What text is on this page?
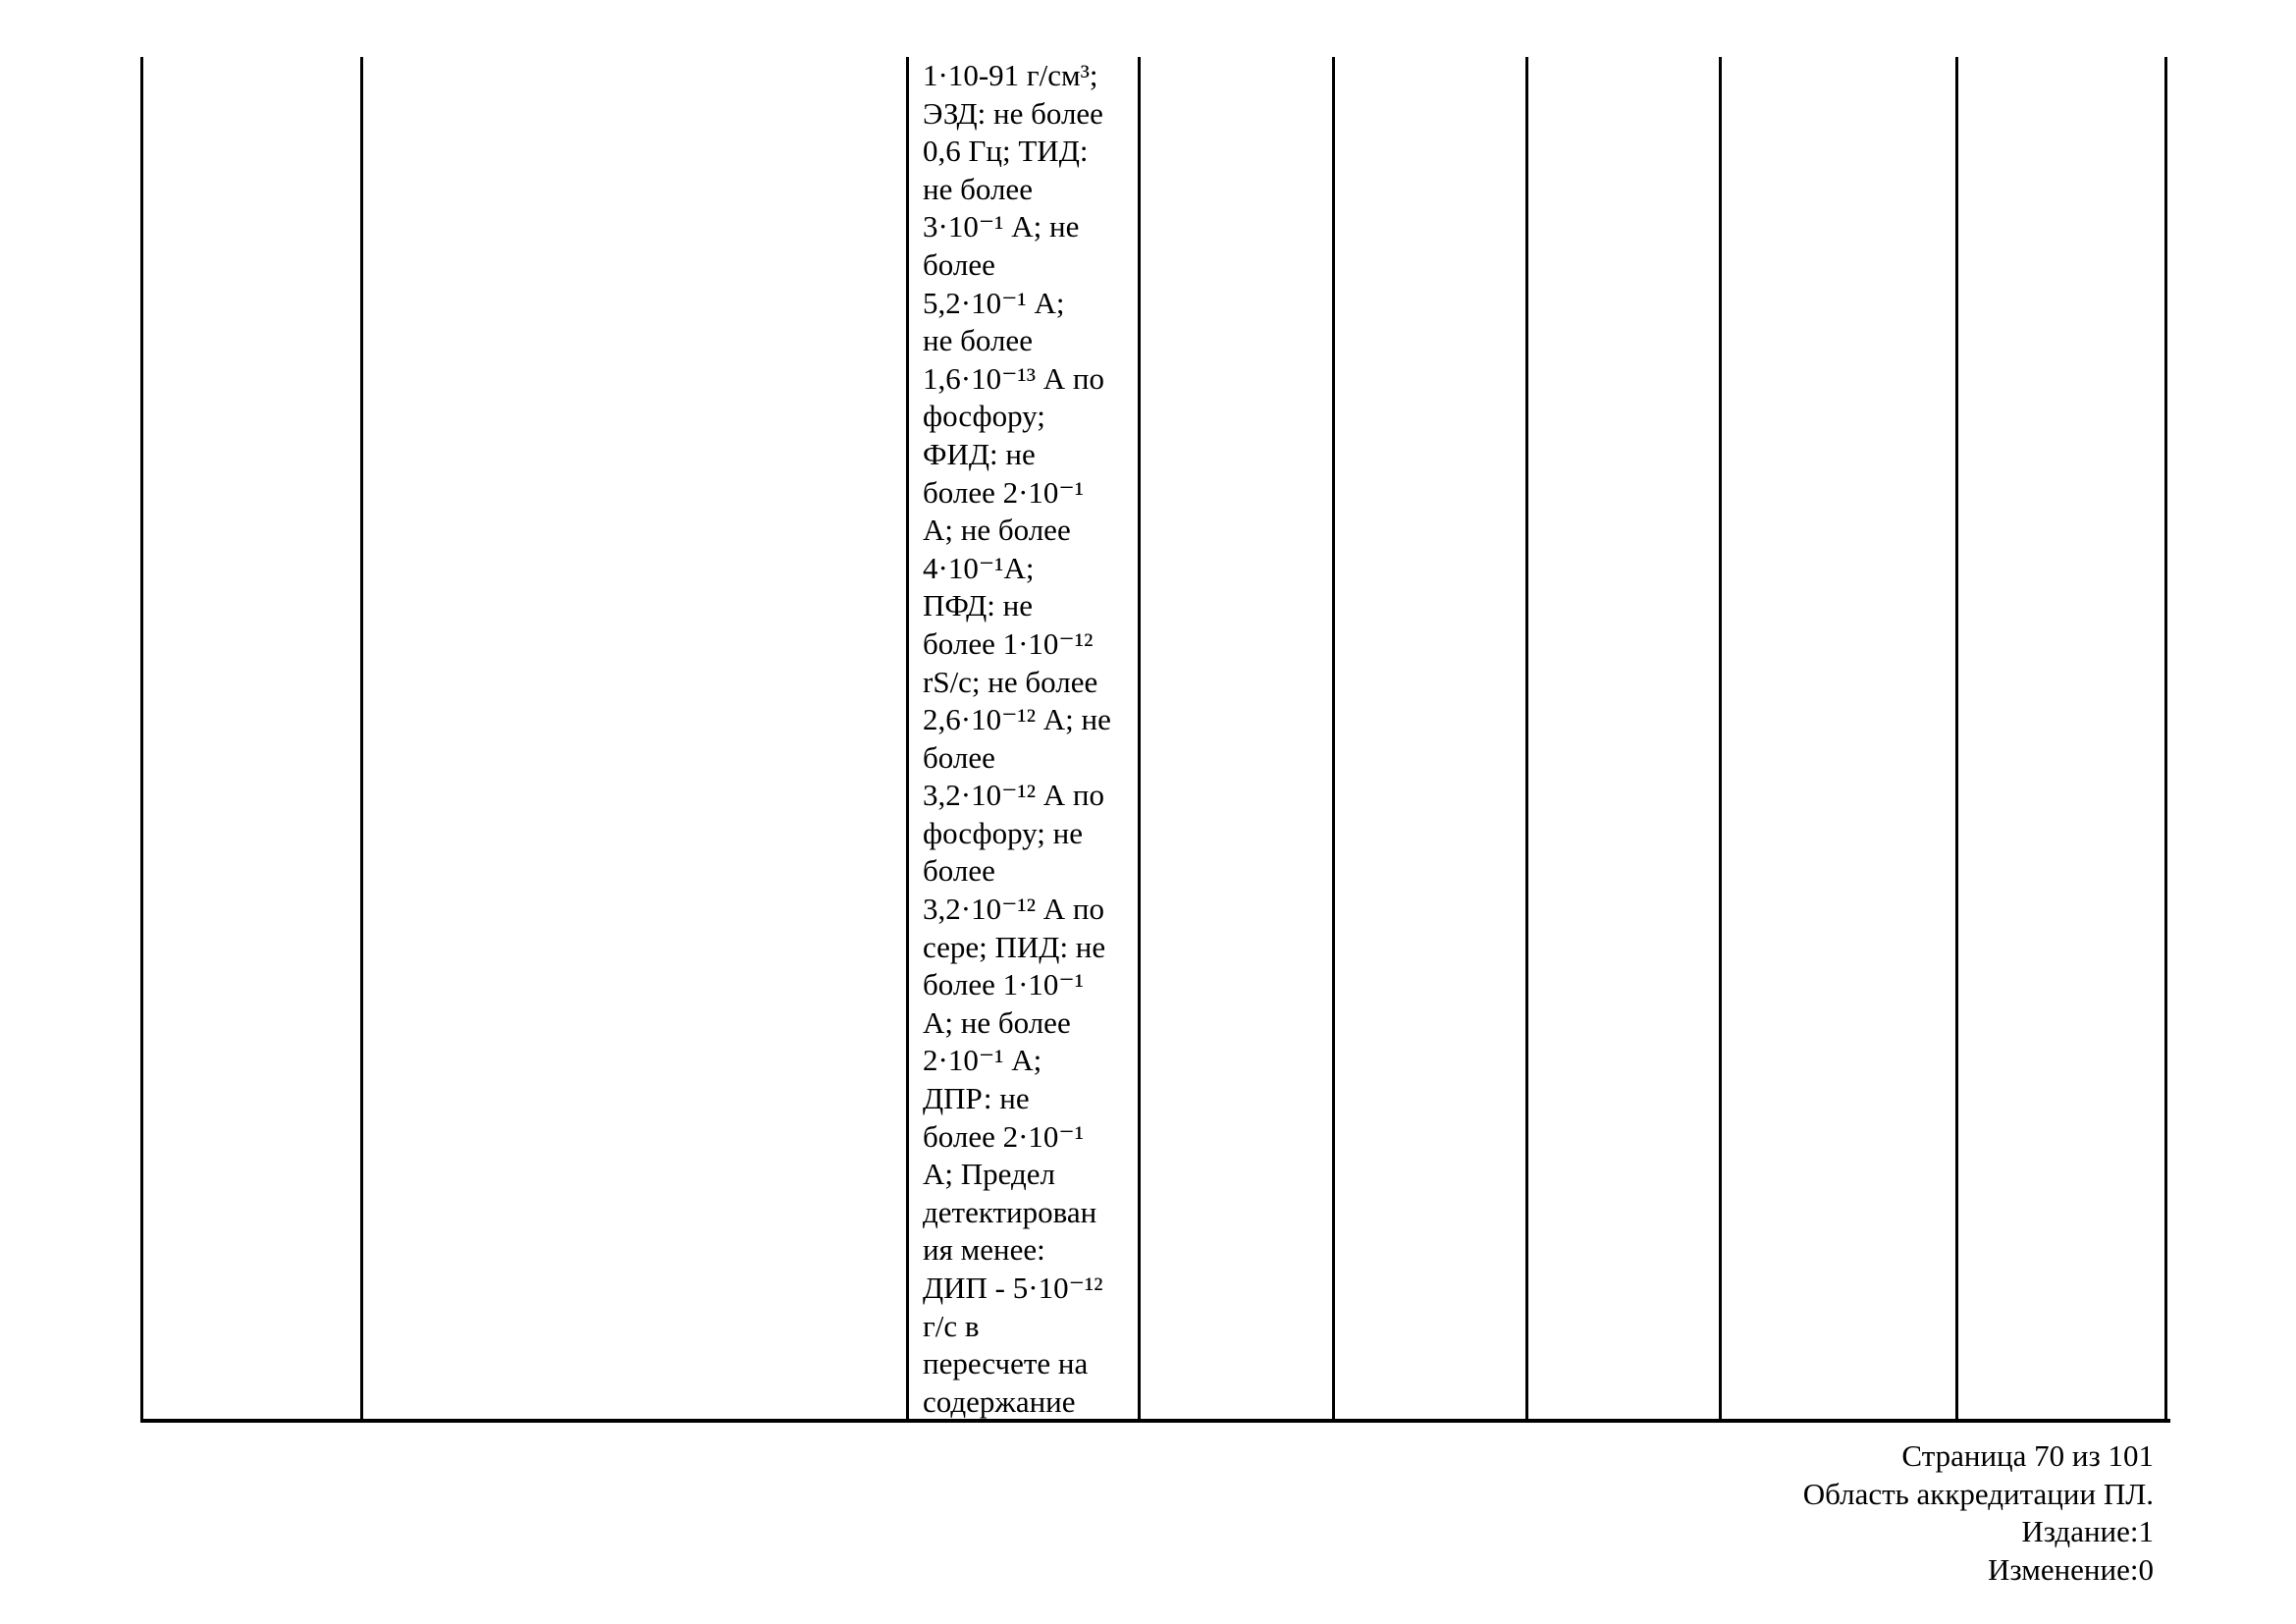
1·10-91 г/см³;
ЭЗД: не более
0,6 Гц; ТИД:
не более
3·10⁻¹ А; не
более
5,2·10⁻¹ А;
не более
1,6·10⁻¹³ А по
фосфору;
ФИД: не
более 2·10⁻¹
А; не более
4·10⁻¹А;
ПФД: не
более 1·10⁻¹²
rS/c; не более
2,6·10⁻¹² А; не
более
3,2·10⁻¹² А по
фосфору; не
более
3,2·10⁻¹² А по
сере; ПИД: не
более 1·10⁻¹
А; не более
2·10⁻¹ А;
ДПР: не
более 2·10⁻¹
А; Предел
детектирован
ия менее:
ДИП - 5·10⁻¹²
г/с в
пересчете на
содержание
Страница 70 из 101
Область аккредитации ПЛ.
Издание:1
Изменение:0
